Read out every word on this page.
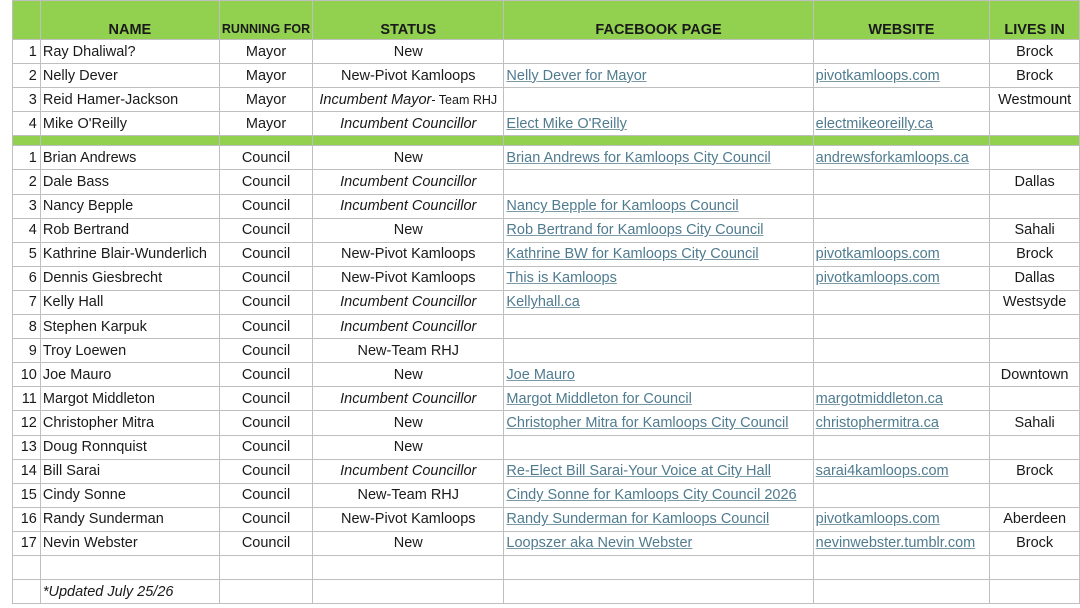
	NAME	RUNNING FOR	STATUS	FACEBOOK PAGE	WEBSITE	LIVES IN
1	Ray Dhaliwal?	Mayor	New			Brock
2	Nelly Dever	Mayor	New-Pivot Kamloops	Nelly Dever for Mayor	pivotkamloops.com	Brock
3	Reid Hamer-Jackson	Mayor	Incumbent Mayor- Team RHJ			Westmount
4	Mike O'Reilly	Mayor	Incumbent Councillor	Elect Mike O'Reilly	electmikeoreilly.ca	

1	Brian Andrews	Council	New	Brian Andrews for Kamloops City Council	andrewsforkamloops.ca	
2	Dale Bass	Council	Incumbent Councillor			Dallas
3	Nancy Bepple	Council	Incumbent Councillor	Nancy Bepple for Kamloops Council		
4	Rob Bertrand	Council	New	Rob Bertrand for Kamloops City Council		Sahali
5	Kathrine Blair-Wunderlich	Council	New-Pivot Kamloops	Kathrine BW for Kamloops City Council	pivotkamloops.com	Brock
6	Dennis Giesbrecht	Council	New-Pivot Kamloops	This is Kamloops	pivotkamloops.com	Dallas
7	Kelly Hall	Council	Incumbent Councillor	Kellyhall.ca		Westsyde
8	Stephen Karpuk	Council	Incumbent Councillor			
9	Troy Loewen	Council	New-Team RHJ			
10	Joe Mauro	Council	New	Joe Mauro		Downtown
11	Margot Middleton	Council	Incumbent Councillor	Margot Middleton for Council	margotmiddleton.ca	
12	Christopher Mitra	Council	New	Christopher Mitra for Kamloops City Council	christophermitra.ca	Sahali
13	Doug Ronnquist	Council	New			
14	Bill Sarai	Council	Incumbent Councillor	Re-Elect Bill Sarai-Your Voice at City Hall	sarai4kamloops.com	Brock
15	Cindy Sonne	Council	New-Team RHJ	Cindy Sonne for Kamloops City Council 2026		
16	Randy Sunderman	Council	New-Pivot Kamloops	Randy Sunderman for Kamloops Council	pivotkamloops.com	Aberdeen
17	Nevin Webster	Council	New	Loopszer aka Nevin Webster	nevinwebster.tumblr.com	Brock

	*Updated July 25/26					
